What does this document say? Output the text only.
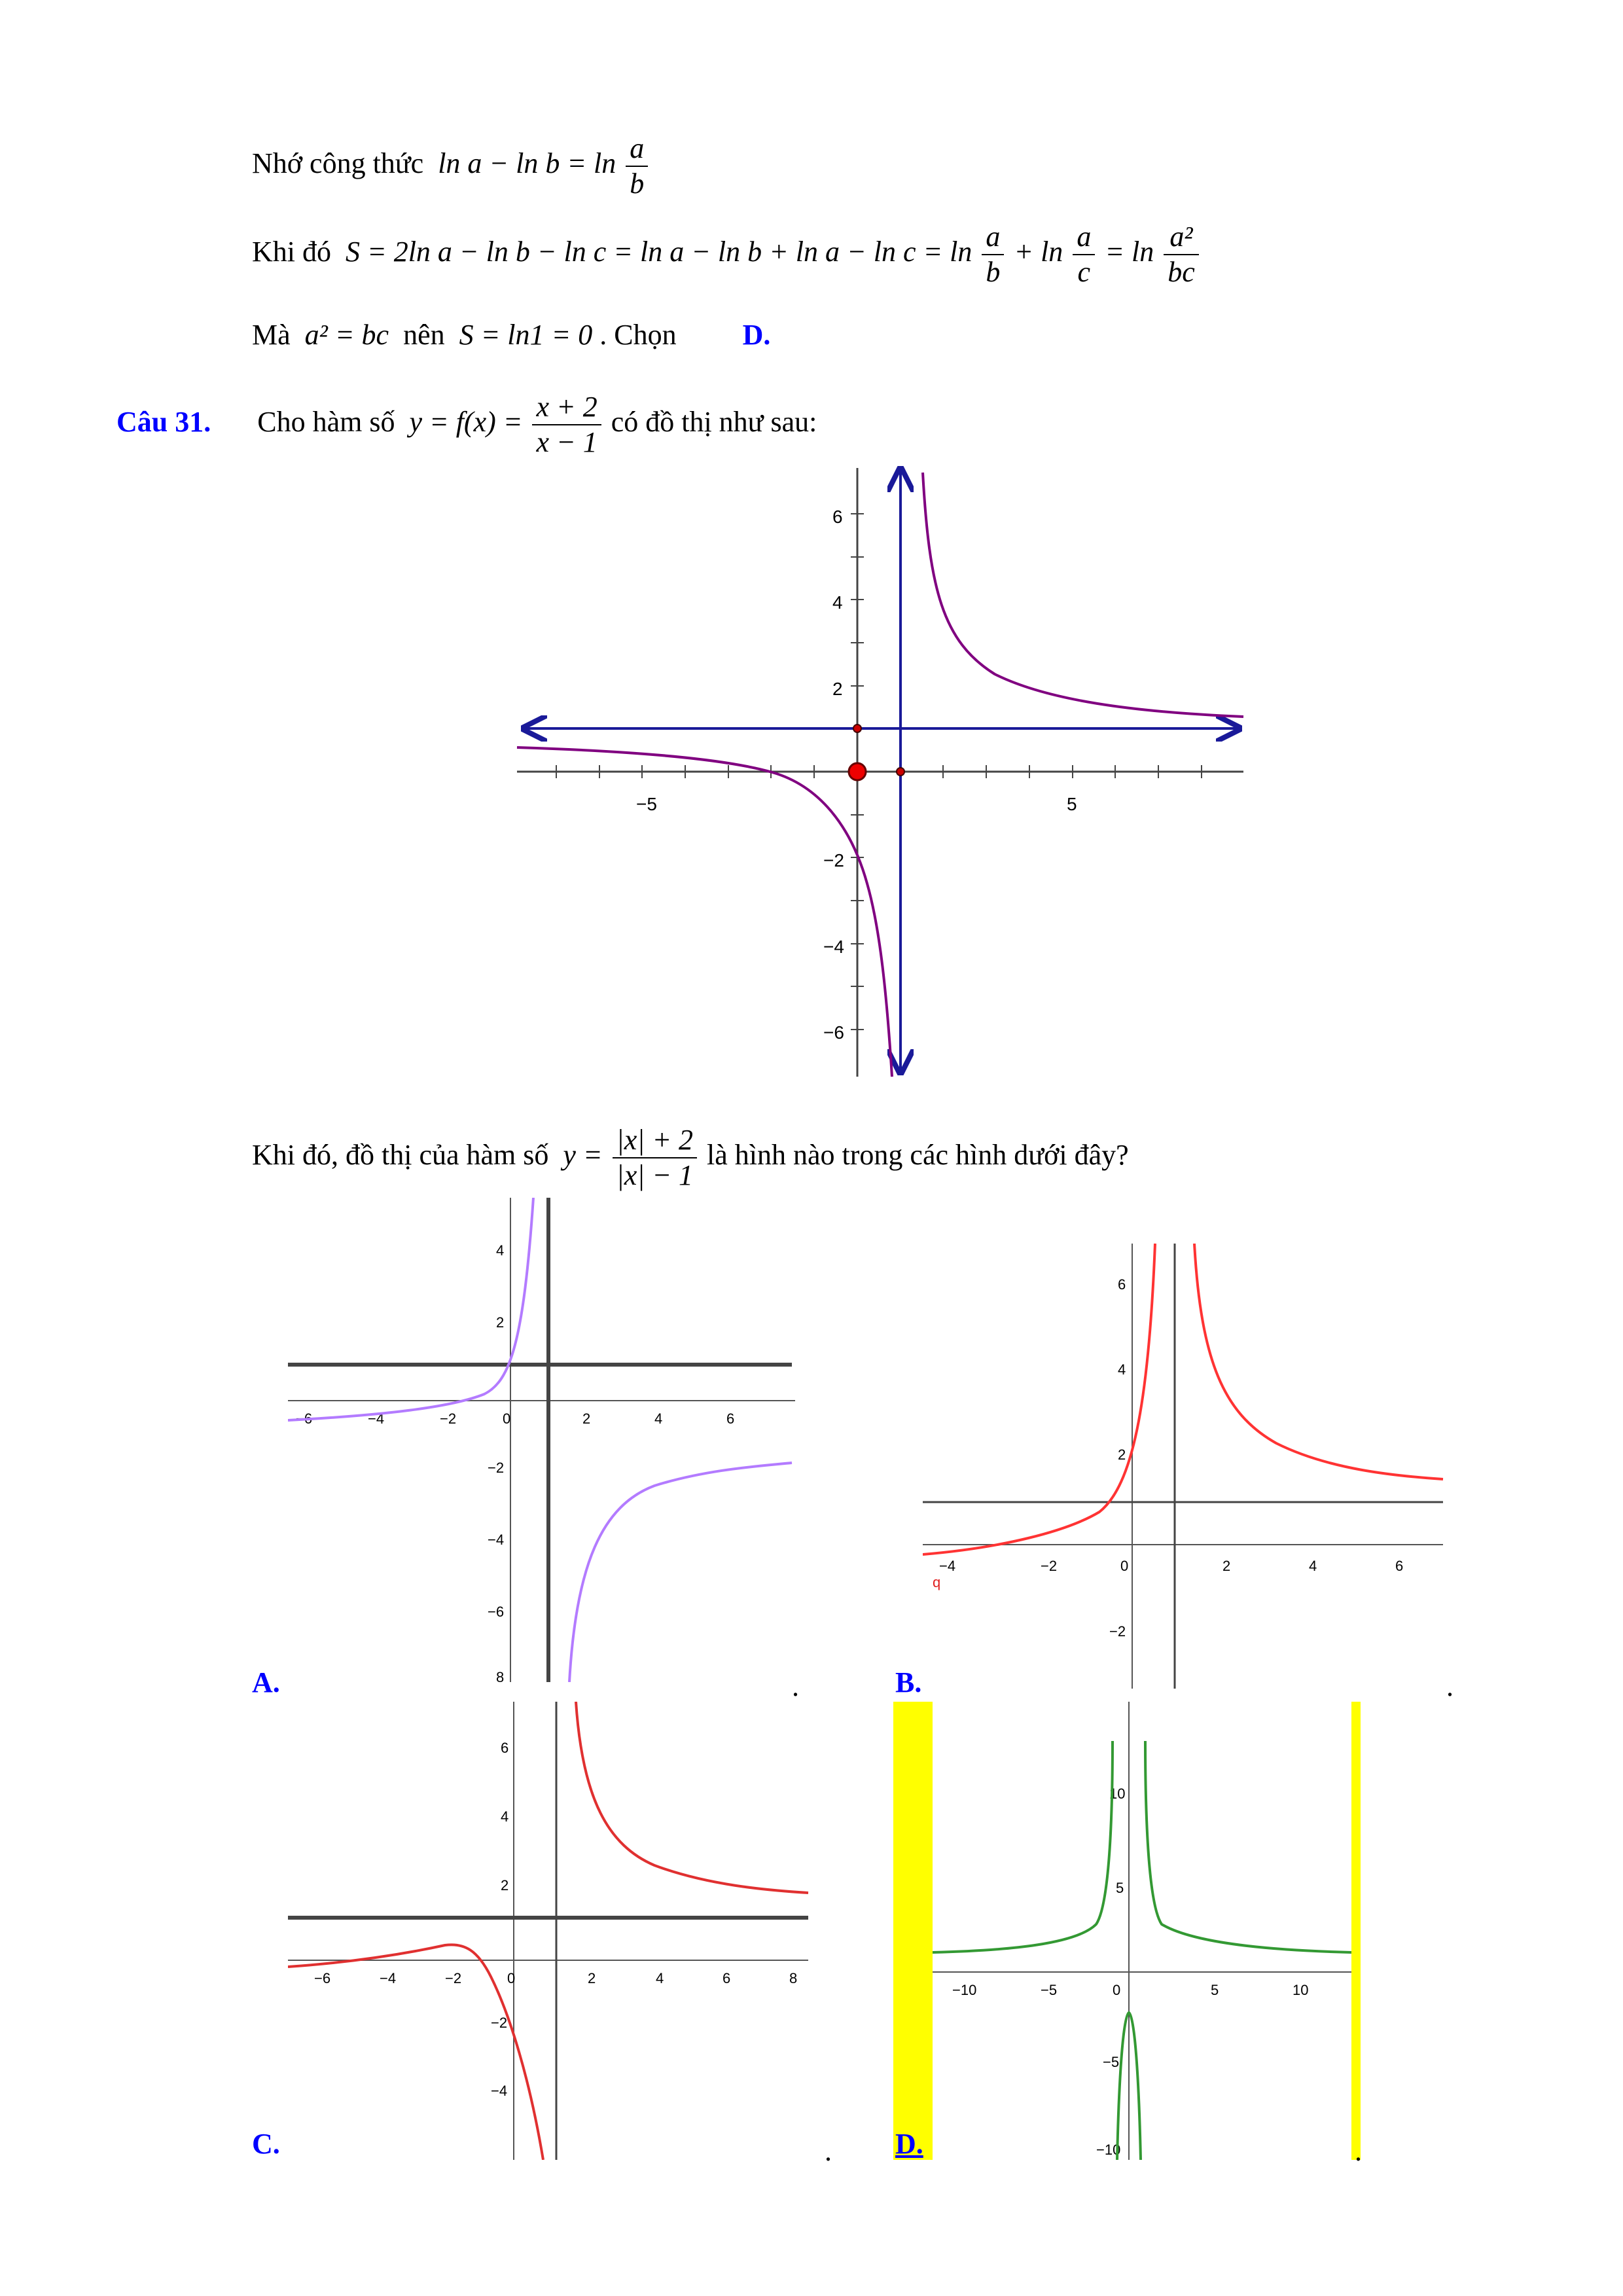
Nhớ công thức $\ln a - \ln b = \ln \frac{a}{b}$
Khi đó S = 2ln $a - \ln b - \ln c = \ln a - \ln b + \ln a - \ln c = \ln \frac{a}{b} + \ln \frac{a}{c} = \ln \frac{\text{a²}}{bc}$
Mà a² = bc nên S = ln1 = 0 . Chọn D.
Câu 31. Cho hàm số $y = f(x) = \frac{x + 2}{x - 1}$ có đồ thị như sau:
−5	5
6
4
2
−2
−4
−6
Khi đó, đồ thị của hàm số $y = \frac{|x| + 2}{|x| - 1}$ là hình nào trong các hình dưới đây?
−6	−4	−2	0	2	4	6
4
2
−2
−4
−6
8
A.	.
−4	−2	0	2	4	6
q
6
4
2
−2
B.	.
−6	−4	−2	0	2	4	6	8
6
4
2
−2
−4
C.	.
−10	−5	0	5	10
10
5
−5
−10
D.	.
